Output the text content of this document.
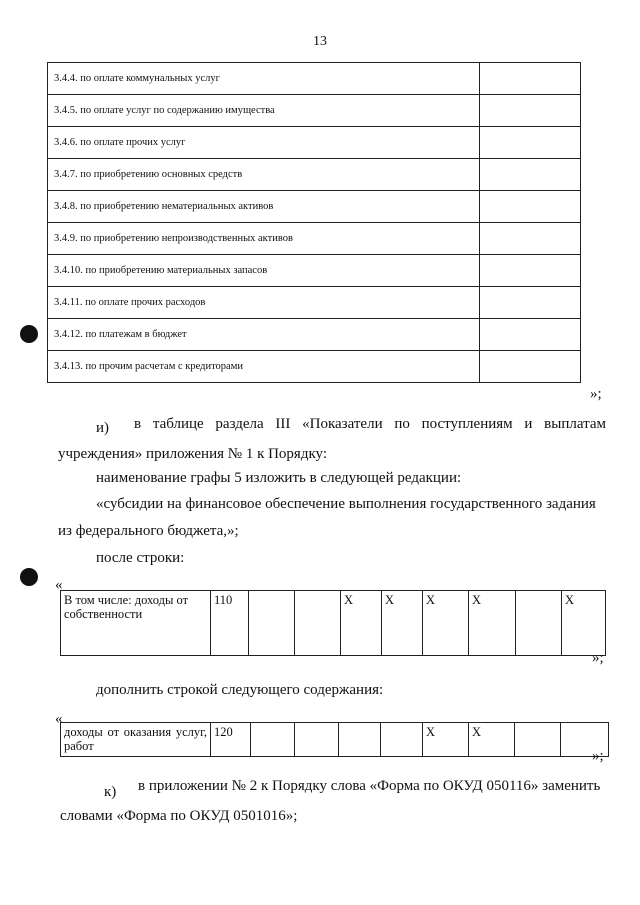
13
3.4.4. по оплате коммунальных услуг	
3.4.5. по оплате услуг по содержанию имущества	
3.4.6. по оплате прочих услуг	
3.4.7. по приобретению основных средств	
3.4.8. по приобретению нематериальных активов	
3.4.9. по приобретению непроизводственных активов	
3.4.10. по приобретению материальных запасов	
3.4.11. по оплате прочих расходов	
3.4.12. по платежам в бюджет	
3.4.13. по прочим расчетам с кредиторами	
»;
и) в таблице раздела III «Показатели по поступлениям и выплатам
учреждения» приложения № 1 к Порядку:
наименование графы 5 изложить в следующей редакции:
«субсидии на финансовое обеспечение выполнения государственного задания
из федерального бюджета,»;
после строки:
«
В том числе: доходы от собственности	110			Х	Х	Х	Х		Х
»;
дополнить строкой следующего содержания:
«
доходы от оказания услуг, работ	120					Х	Х		
»;
к) в приложении № 2 к Порядку слова «Форма по ОКУД 050116» заменить
словами «Форма по ОКУД 0501016»;
